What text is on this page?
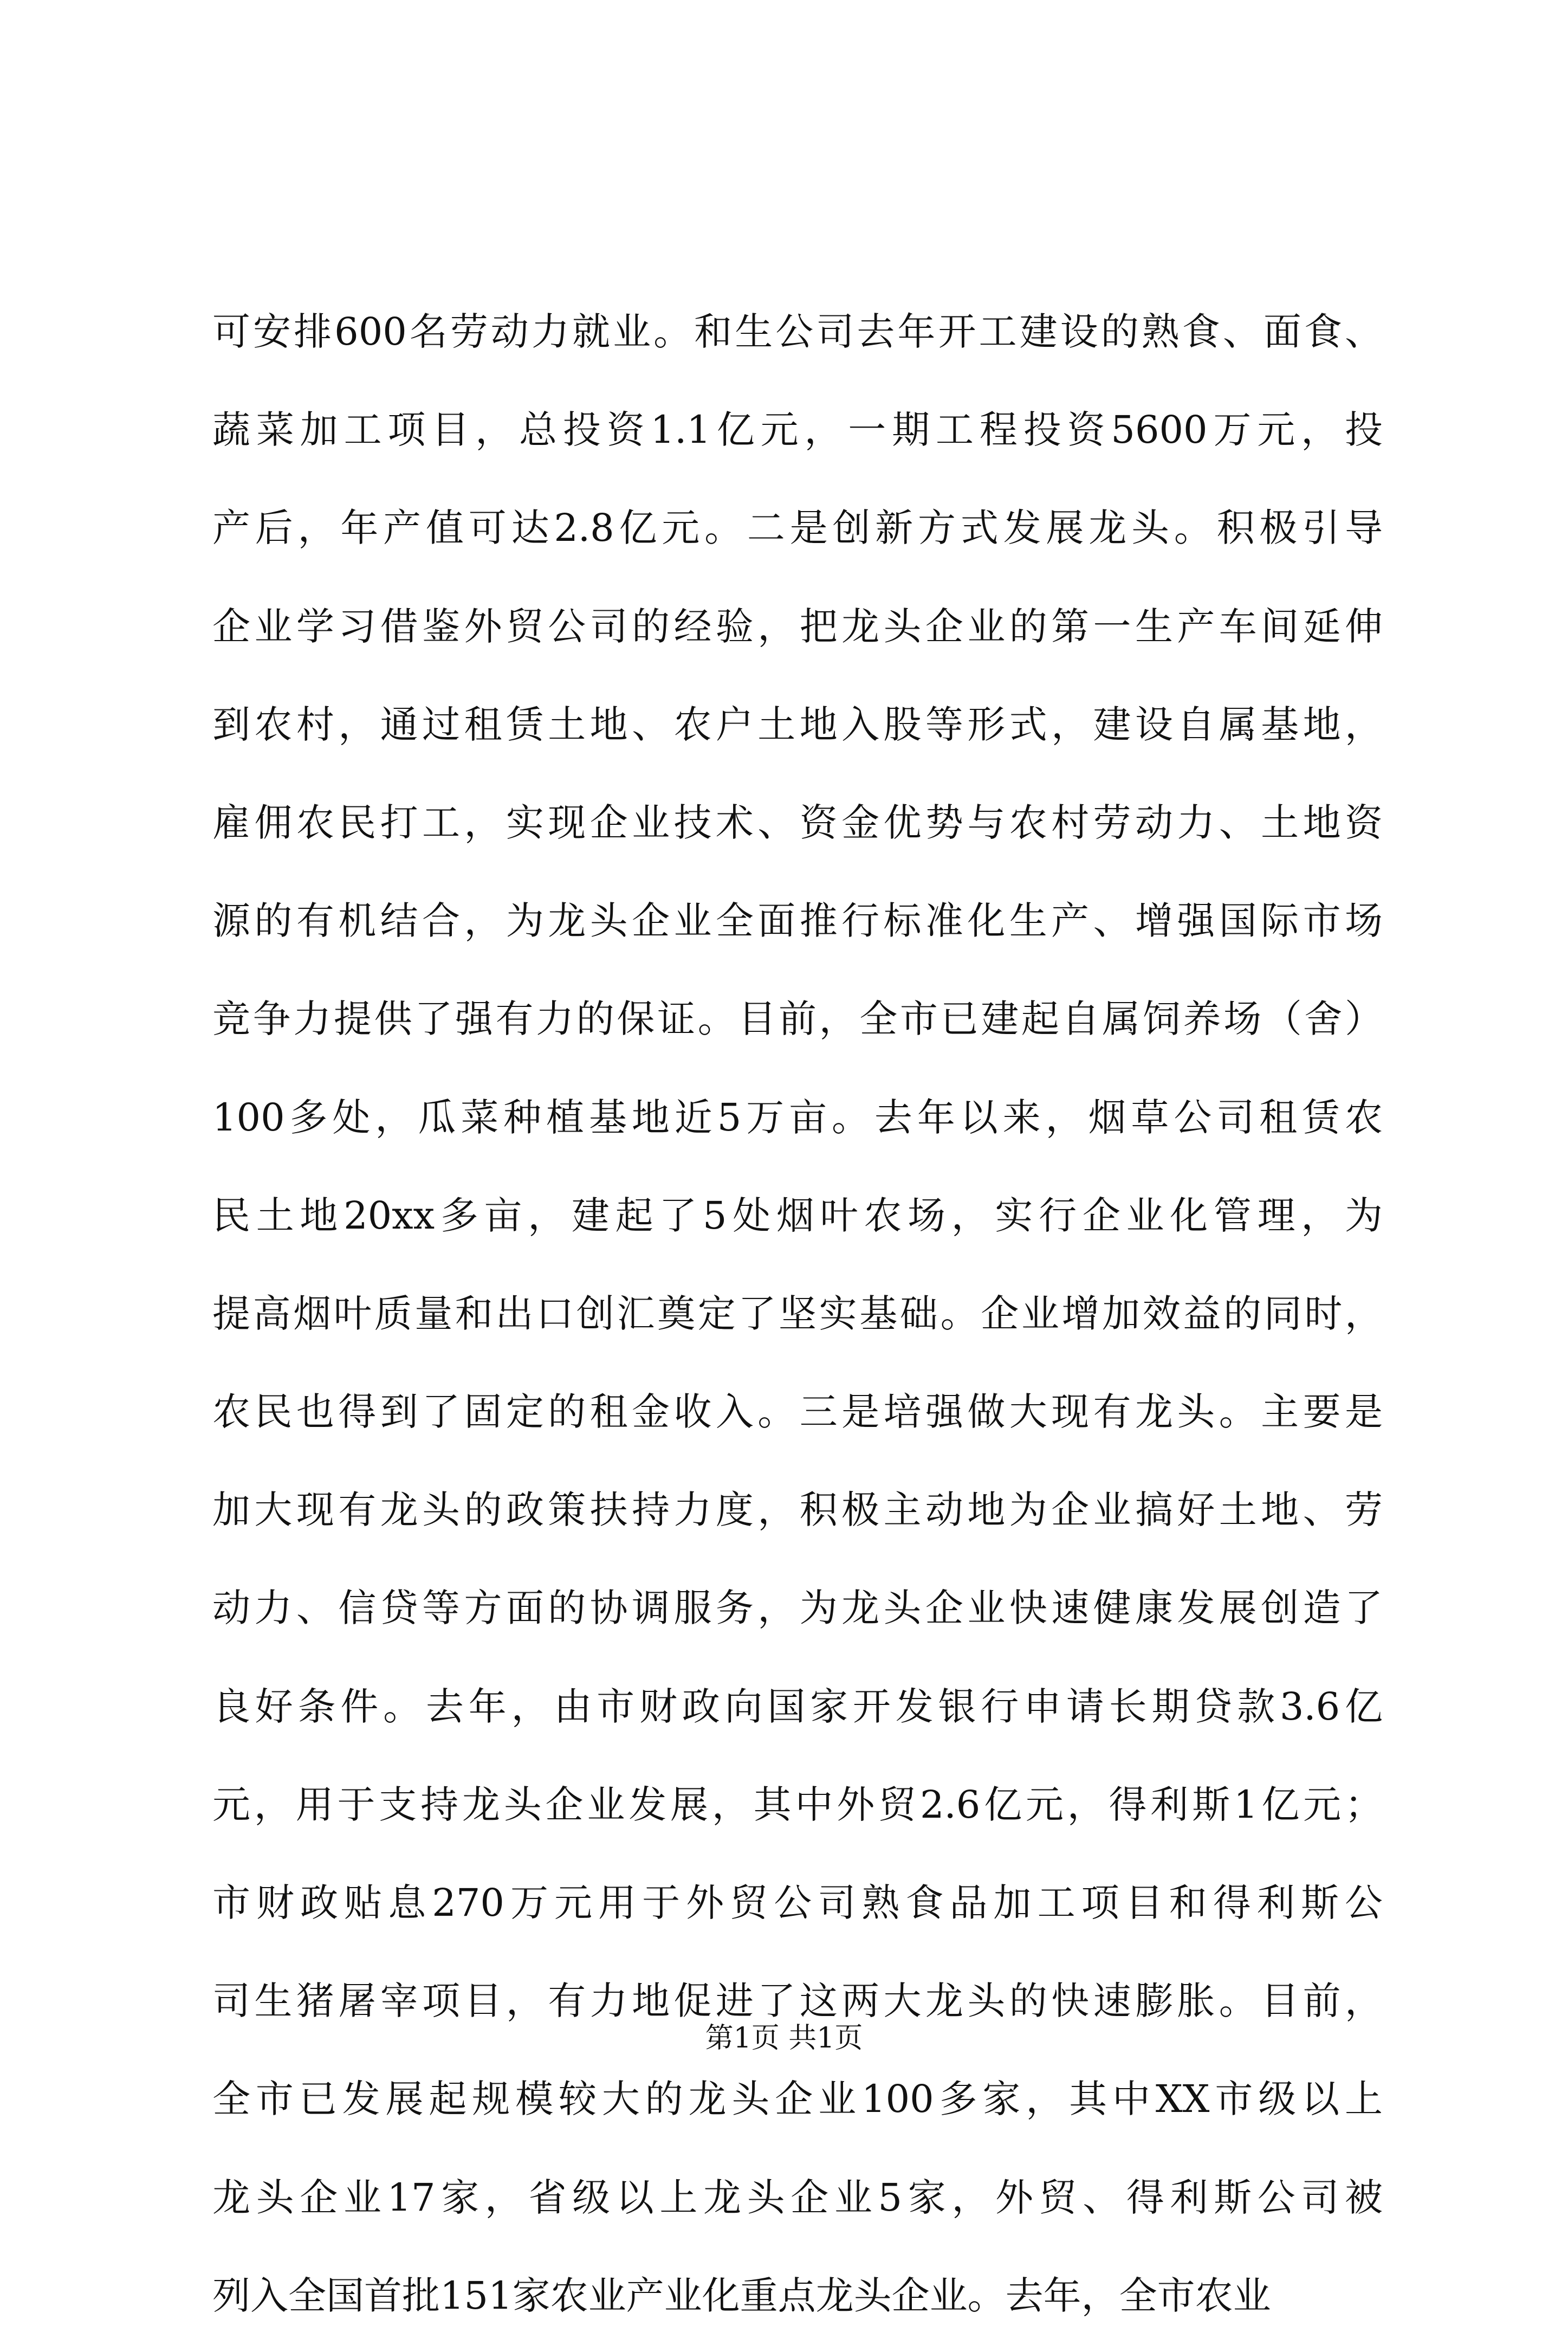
可安排600名劳动力就业。和生公司去年开工建设的熟食、面食、
蔬菜加工项目，总投资1.1亿元，一期工程投资5600万元，投
产后，年产值可达2.8亿元。二是创新方式发展龙头。积极引导
企业学习借鉴外贸公司的经验，把龙头企业的第一生产车间延伸
到农村，通过租赁土地、农户土地入股等形式，建设自属基地，
雇佣农民打工，实现企业技术、资金优势与农村劳动力、土地资
源的有机结合，为龙头企业全面推行标准化生产、增强国际市场
竞争力提供了强有力的保证。目前，全市已建起自属饲养场（舍）
100多处，瓜菜种植基地近5万亩。去年以来，烟草公司租赁农
民土地20xx多亩，建起了5处烟叶农场，实行企业化管理，为
提高烟叶质量和出口创汇奠定了坚实基础。企业增加效益的同时，
农民也得到了固定的租金收入。三是培强做大现有龙头。主要是
加大现有龙头的政策扶持力度，积极主动地为企业搞好土地、劳
动力、信贷等方面的协调服务，为龙头企业快速健康发展创造了
良好条件。去年，由市财政向国家开发银行申请长期贷款3.6亿
元，用于支持龙头企业发展，其中外贸2.6亿元，得利斯1亿元；
市财政贴息270万元用于外贸公司熟食品加工项目和得利斯公
司生猪屠宰项目，有力地促进了这两大龙头的快速膨胀。目前，
全市已发展起规模较大的龙头企业100多家，其中XX市级以上
龙头企业17家，省级以上龙头企业5家，外贸、得利斯公司被
列入全国首批151家农业产业化重点龙头企业。去年，全市农业
第1页 共1页
